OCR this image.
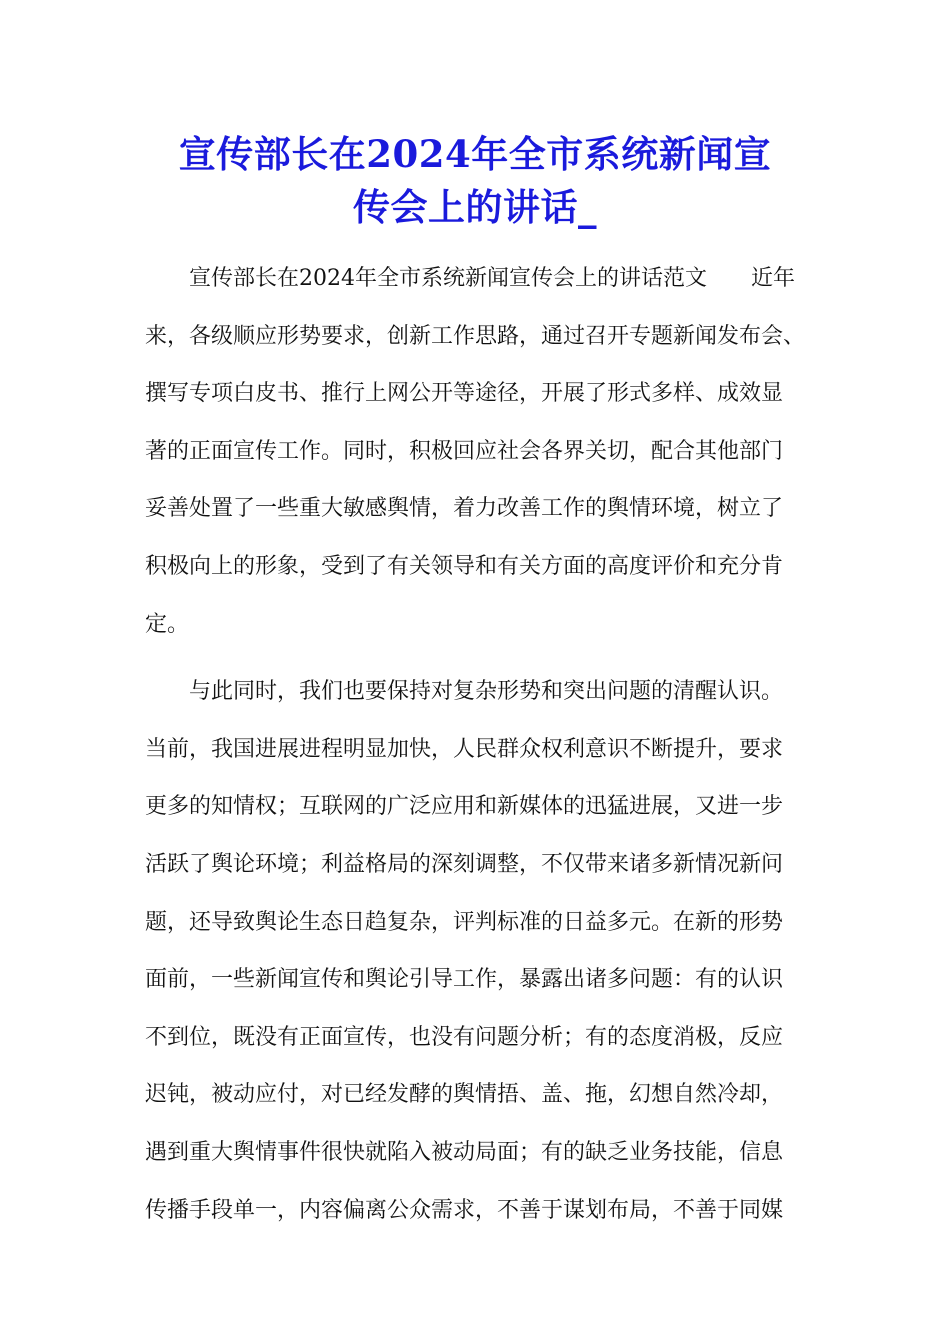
宣传部长在2024年全市系统新闻宣
传会上的讲话_
宣传部长在2024年全市系统新闻宣传会上的讲话范文　　近年
来，各级顺应形势要求，创新工作思路，通过召开专题新闻发布会、
撰写专项白皮书、推行上网公开等途径，开展了形式多样、成效显
著的正面宣传工作。同时，积极回应社会各界关切，配合其他部门
妥善处置了一些重大敏感舆情，着力改善工作的舆情环境，树立了
积极向上的形象，受到了有关领导和有关方面的高度评价和充分肯
定。
与此同时，我们也要保持对复杂形势和突出问题的清醒认识。
当前，我国进展进程明显加快，人民群众权利意识不断提升，要求
更多的知情权；互联网的广泛应用和新媒体的迅猛进展，又进一步
活跃了舆论环境；利益格局的深刻调整，不仅带来诸多新情况新问
题，还导致舆论生态日趋复杂，评判标准的日益多元。在新的形势
面前，一些新闻宣传和舆论引导工作，暴露出诸多问题：有的认识
不到位，既没有正面宣传，也没有问题分析；有的态度消极，反应
迟钝，被动应付，对已经发酵的舆情捂、盖、拖，幻想自然冷却，
遇到重大舆情事件很快就陷入被动局面；有的缺乏业务技能，信息
传播手段单一，内容偏离公众需求，不善于谋划布局，不善于同媒
